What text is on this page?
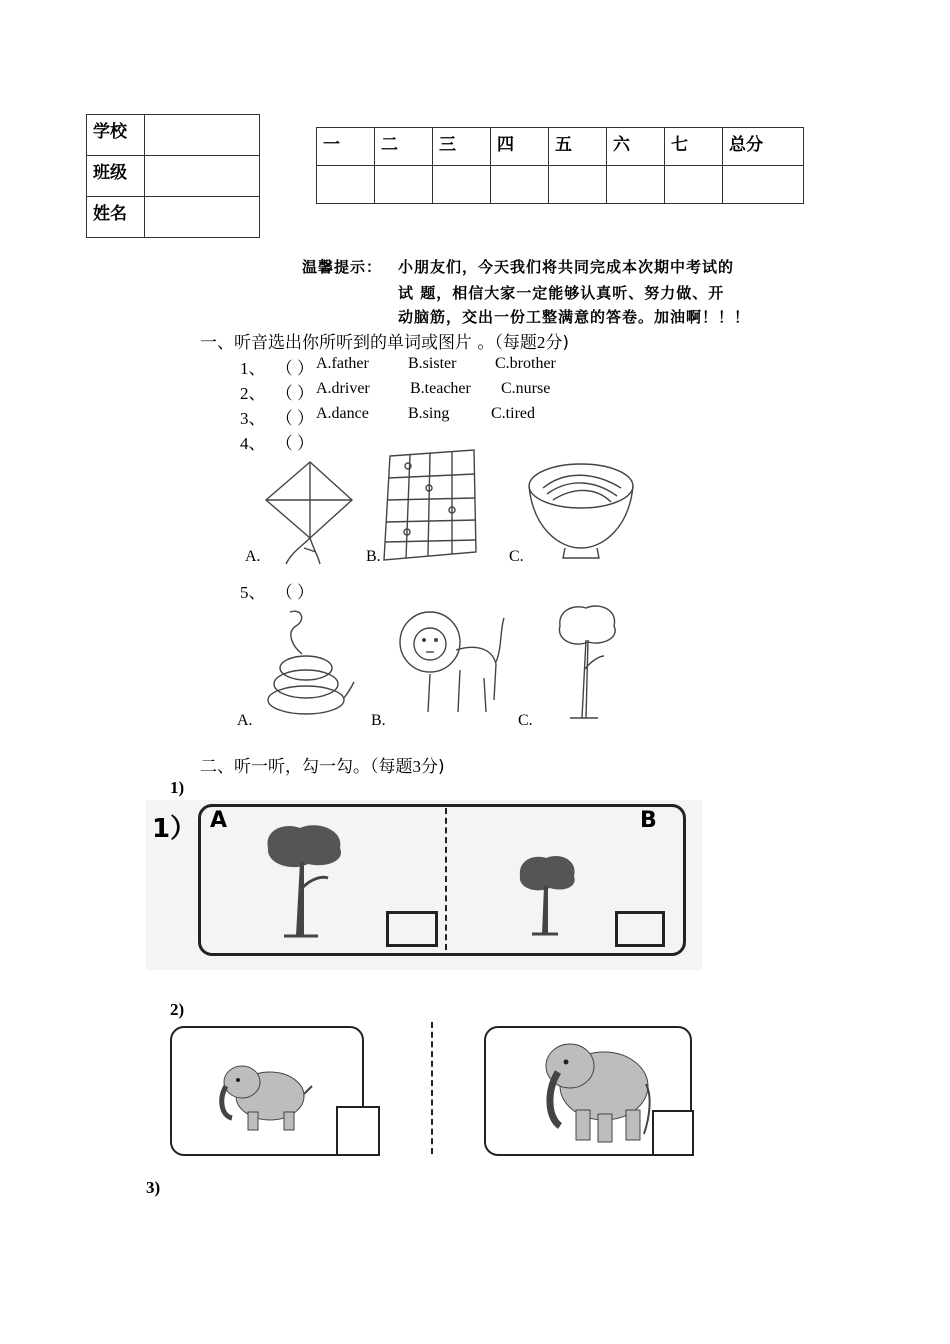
学校	
班级	
姓名	
一	二	三	四	五	六	七	总分

温馨提示： 小朋友们，今天我们将共同完成本次期中考试的
试 题，相信大家一定能够认真听、努力做、开
动脑筋，交出一份工整满意的答卷。加油啊！！！
一、听音选出你所听到的单词或图片 。（每题2分)
1、 （ ） A.father B.sister C.brother
2、 （ ） A.driver	B.teacher C.nurse
3、 （ ） A.dance B.sing	C.tired
4、 （ ）
A.	B.	C.
5、 （ ）
A.	B.	C.
二、听一听，勾一勾。（每题3分)
1)
1） A	B
2)
3)
